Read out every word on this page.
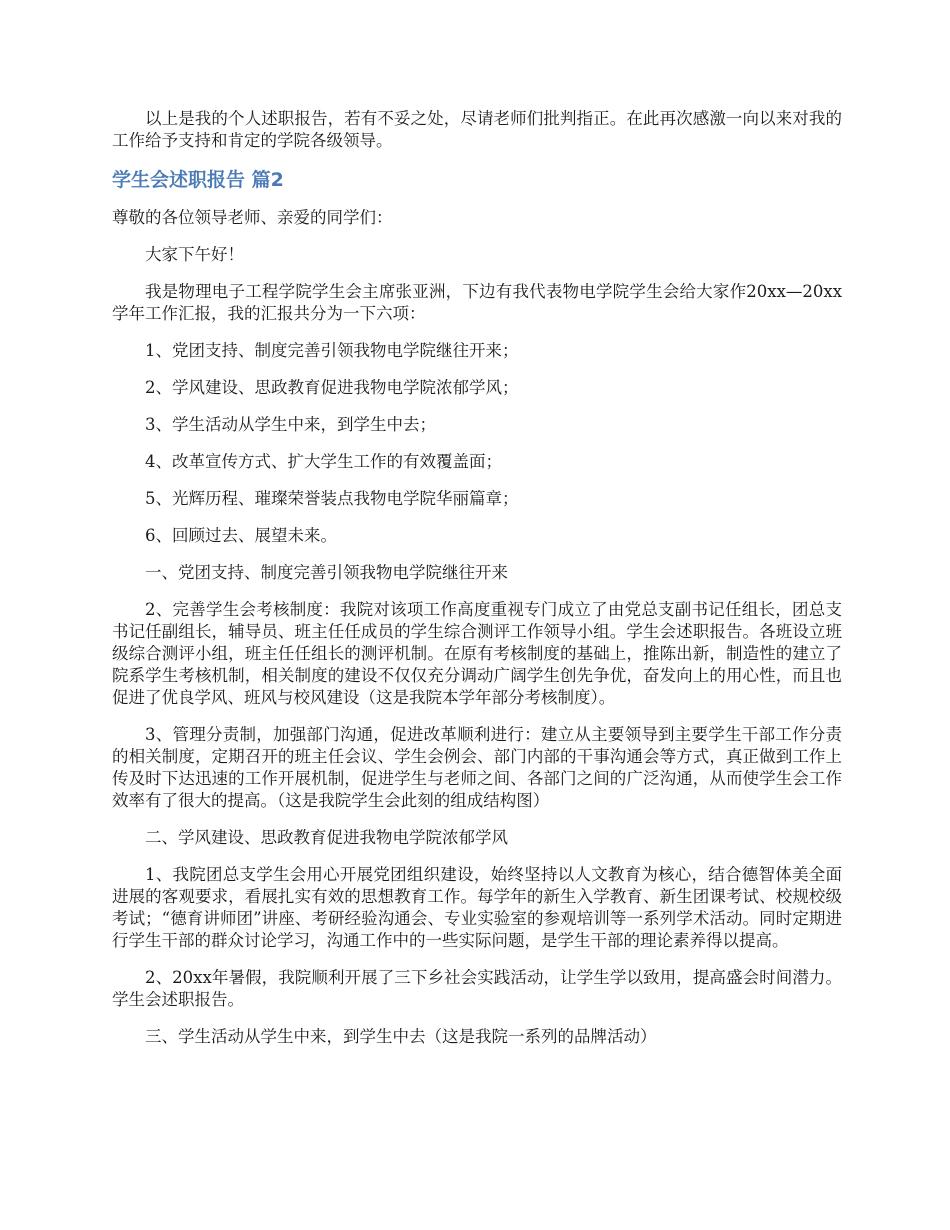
以上是我的个人述职报告，若有不妥之处，尽请老师们批判指正。在此再次感激一向以来对我的工作给予支持和肯定的学院各级领导。

学生会述职报告 篇2

尊敬的各位领导老师、亲爱的同学们：

大家下午好！

我是物理电子工程学院学生会主席张亚洲，下边有我代表物电学院学生会给大家作20xx—20xx学年工作汇报，我的汇报共分为一下六项：

1、党团支持、制度完善引领我物电学院继往开来；

2、学风建设、思政教育促进我物电学院浓郁学风；

3、学生活动从学生中来，到学生中去；

4、改革宣传方式、扩大学生工作的有效覆盖面；

5、光辉历程、璀璨荣誉装点我物电学院华丽篇章；

6、回顾过去、展望未来。

一、党团支持、制度完善引领我物电学院继往开来

2、完善学生会考核制度：我院对该项工作高度重视专门成立了由党总支副书记任组长，团总支书记任副组长，辅导员、班主任任成员的学生综合测评工作领导小组。学生会述职报告。各班设立班级综合测评小组，班主任任组长的测评机制。在原有考核制度的基础上，推陈出新，制造性的建立了院系学生考核机制，相关制度的建设不仅仅充分调动广阔学生创先争优，奋发向上的用心性，而且也促进了优良学风、班风与校风建设（这是我院本学年部分考核制度）。

3、管理分责制，加强部门沟通，促进改革顺利进行：建立从主要领导到主要学生干部工作分责的相关制度，定期召开的班主任会议、学生会例会、部门内部的干事沟通会等方式，真正做到工作上传及时下达迅速的工作开展机制，促进学生与老师之间、各部门之间的广泛沟通，从而使学生会工作效率有了很大的提高。（这是我院学生会此刻的组成结构图）

二、学风建设、思政教育促进我物电学院浓郁学风

1、我院团总支学生会用心开展党团组织建设，始终坚持以人文教育为核心，结合德智体美全面进展的客观要求，看展扎实有效的思想教育工作。每学年的新生入学教育、新生团课考试、校规校级考试；“德育讲师团”讲座、考研经验沟通会、专业实验室的参观培训等一系列学术活动。同时定期进行学生干部的群众讨论学习，沟通工作中的一些实际问题，是学生干部的理论素养得以提高。

2、20xx年暑假，我院顺利开展了三下乡社会实践活动，让学生学以致用，提高盛会时间潜力。学生会述职报告。

三、学生活动从学生中来，到学生中去（这是我院一系列的品牌活动）
